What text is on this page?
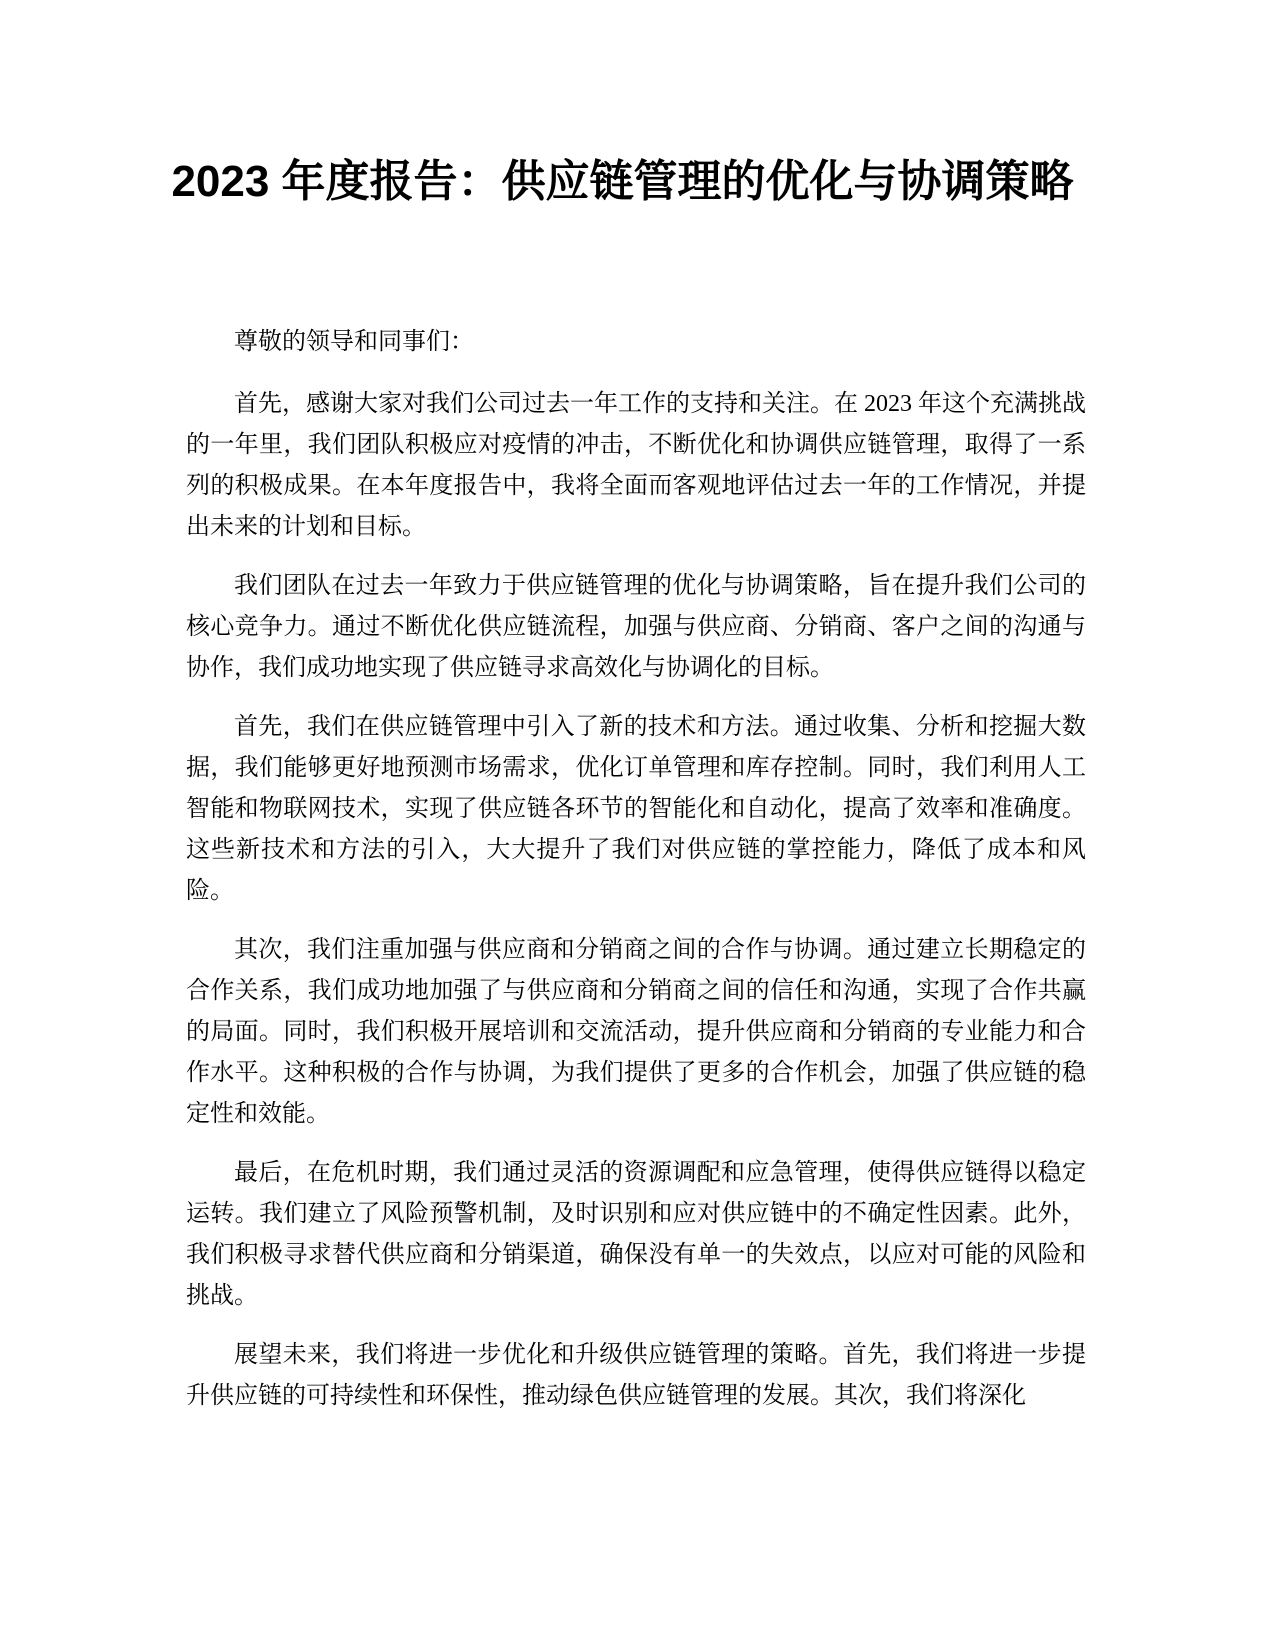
2023 年度报告：供应链管理的优化与协调策略

尊敬的领导和同事们：

首先，感谢大家对我们公司过去一年工作的支持和关注。在 2023 年这个充满挑战的一年里，我们团队积极应对疫情的冲击，不断优化和协调供应链管理，取得了一系列的积极成果。在本年度报告中，我将全面而客观地评估过去一年的工作情况，并提出未来的计划和目标。

我们团队在过去一年致力于供应链管理的优化与协调策略，旨在提升我们公司的核心竞争力。通过不断优化供应链流程，加强与供应商、分销商、客户之间的沟通与协作，我们成功地实现了供应链寻求高效化与协调化的目标。

首先，我们在供应链管理中引入了新的技术和方法。通过收集、分析和挖掘大数据，我们能够更好地预测市场需求，优化订单管理和库存控制。同时，我们利用人工智能和物联网技术，实现了供应链各环节的智能化和自动化，提高了效率和准确度。这些新技术和方法的引入，大大提升了我们对供应链的掌控能力，降低了成本和风险。

其次，我们注重加强与供应商和分销商之间的合作与协调。通过建立长期稳定的合作关系，我们成功地加强了与供应商和分销商之间的信任和沟通，实现了合作共赢的局面。同时，我们积极开展培训和交流活动，提升供应商和分销商的专业能力和合作水平。这种积极的合作与协调，为我们提供了更多的合作机会，加强了供应链的稳定性和效能。

最后，在危机时期，我们通过灵活的资源调配和应急管理，使得供应链得以稳定运转。我们建立了风险预警机制，及时识别和应对供应链中的不确定性因素。此外，我们积极寻求替代供应商和分销渠道，确保没有单一的失效点，以应对可能的风险和挑战。

展望未来，我们将进一步优化和升级供应链管理的策略。首先，我们将进一步提升供应链的可持续性和环保性，推动绿色供应链管理的发展。其次，我们将深化
